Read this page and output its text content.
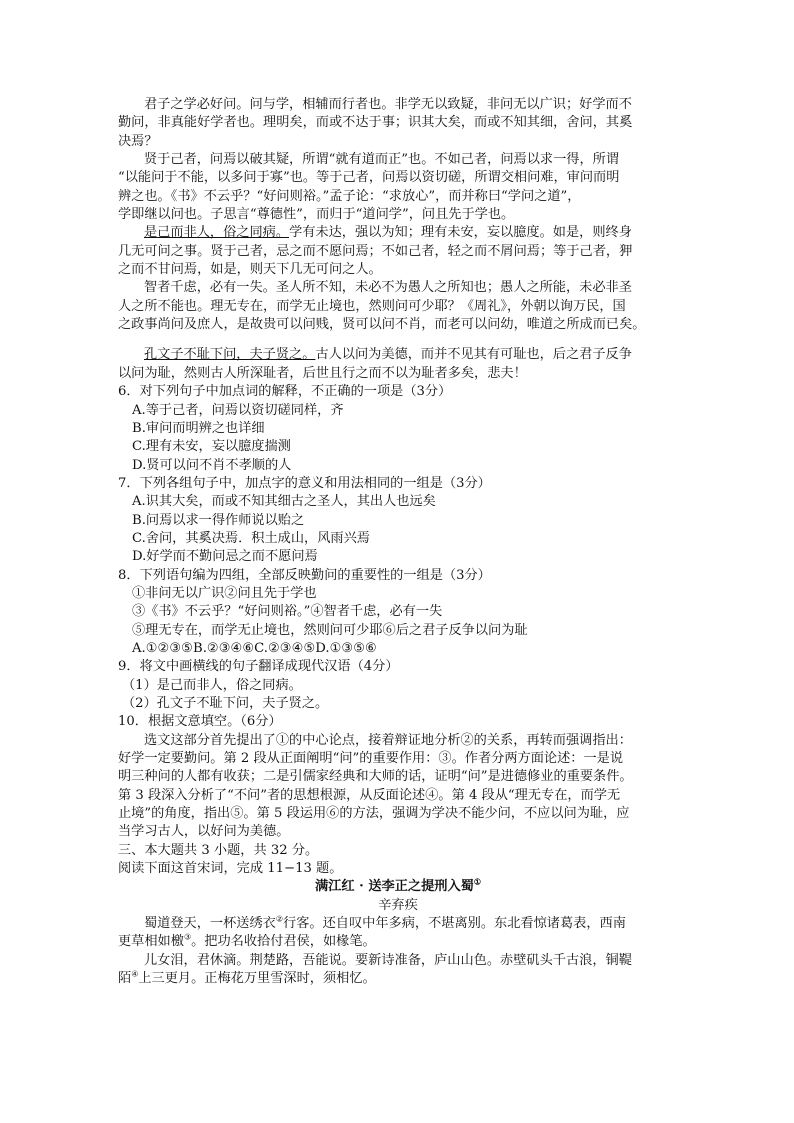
君子之学必好问。问与学，相辅而行者也。非学无以致疑，非问无以广识；好学而不
勤问，非真能好学者也。理明矣，而或不达于事；识其大矣，而或不知其细，舍问，其奚
决焉？
贤于己者，问焉以破其疑，所谓“就有道而正”也。不如己者，问焉以求一得，所谓
“以能问于不能，以多问于寡”也。等于己者，问焉以资切磋，所谓交相问难，审问而明
辨之也。《书》不云乎？“好问则裕。”孟子论：“求放心”，而并称曰“学问之道”，
学即继以问也。子思言“尊德性”，而归于“道问学”，问且先于学也。
是己而非人，俗之同病。学有未达，强以为知；理有未安，妄以臆度。如是，则终身
几无可问之事。贤于己者，忌之而不愿问焉；不如己者，轻之而不屑问焉；等于己者，狎
之而不甘问焉，如是，则天下几无可问之人。
智者千虑，必有一失。圣人所不知，未必不为愚人之所知也；愚人之所能，未必非圣
人之所不能也。理无专在，而学无止境也，然则问可少耶？《周礼》，外朝以询万民，国
之政事尚问及庶人，是故贵可以问贱，贤可以问不肖，而老可以问幼，唯道之所成而已矣。
孔文子不耻下问，夫子贤之。古人以问为美德，而并不见其有可耻也，后之君子反争
以问为耻，然则古人所深耻者，后世且行之而不以为耻者多矣，悲夫！
6．对下列句子中加点词的解释，不正确的一项是（3分）
A.等于己者，问焉以资切磋同样，齐
B.审问而明辨之也详细
C.理有未安，妄以臆度揣测
D.贤可以问不肖不孝顺的人
7．下列各组句子中，加点字的意义和用法相同的一组是（3分）
A.识其大矣，而或不知其细古之圣人，其出人也远矣
B.问焉以求一得作师说以贻之
C.舍问，其奚决焉．积土成山，风雨兴焉
D.好学而不勤问忌之而不愿问焉
8．下列语句编为四组，全部反映勤问的重要性的一组是（3分）
①非问无以广识②问且先于学也
③《书》不云乎？“好问则裕。”④智者千虑，必有一失
⑤理无专在，而学无止境也，然则问可少耶⑥后之君子反争以问为耻
A.①②③⑤B.②③④⑥C.②③④⑤D.①③⑤⑥
9．将文中画横线的句子翻译成现代汉语（4分）
（1）是己而非人，俗之同病。
（2）孔文子不耻下问，夫子贤之。
10．根据文意填空。（6分）
选文这部分首先提出了①的中心论点，接着辩证地分析②的关系，再转而强调指出：
好学一定要勤问。第 2 段从正面阐明“问”的重要作用：③。作者分两方面论述：一是说
明三种问的人都有收获；二是引儒家经典和大师的话，证明“问”是进德修业的重要条件。
第 3 段深入分析了“不问”者的思想根源，从反面论述④。第 4 段从“理无专在，而学无
止境”的角度，指出⑤。第 5 段运用⑥的方法，强调为学决不能少问，不应以问为耻，应
当学习古人，以好问为美德。
三、本大题共 3 小题，共 32 分。
阅读下面这首宋词，完成 11−13 题。
满江红 · 送李正之提刑入蜀①
辛弃疾
蜀道登天，一杯送绣衣②行客。还自叹中年多病，不堪离别。东北看惊诸葛表，西南
更草相如檄③。把功名收拾付君侯，如椽笔。
儿女泪，君休滴。荆楚路，吾能说。要新诗准备，庐山山色。赤壁矶头千古浪，铜鞮
陌④上三更月。正梅花万里雪深时，须相忆。
